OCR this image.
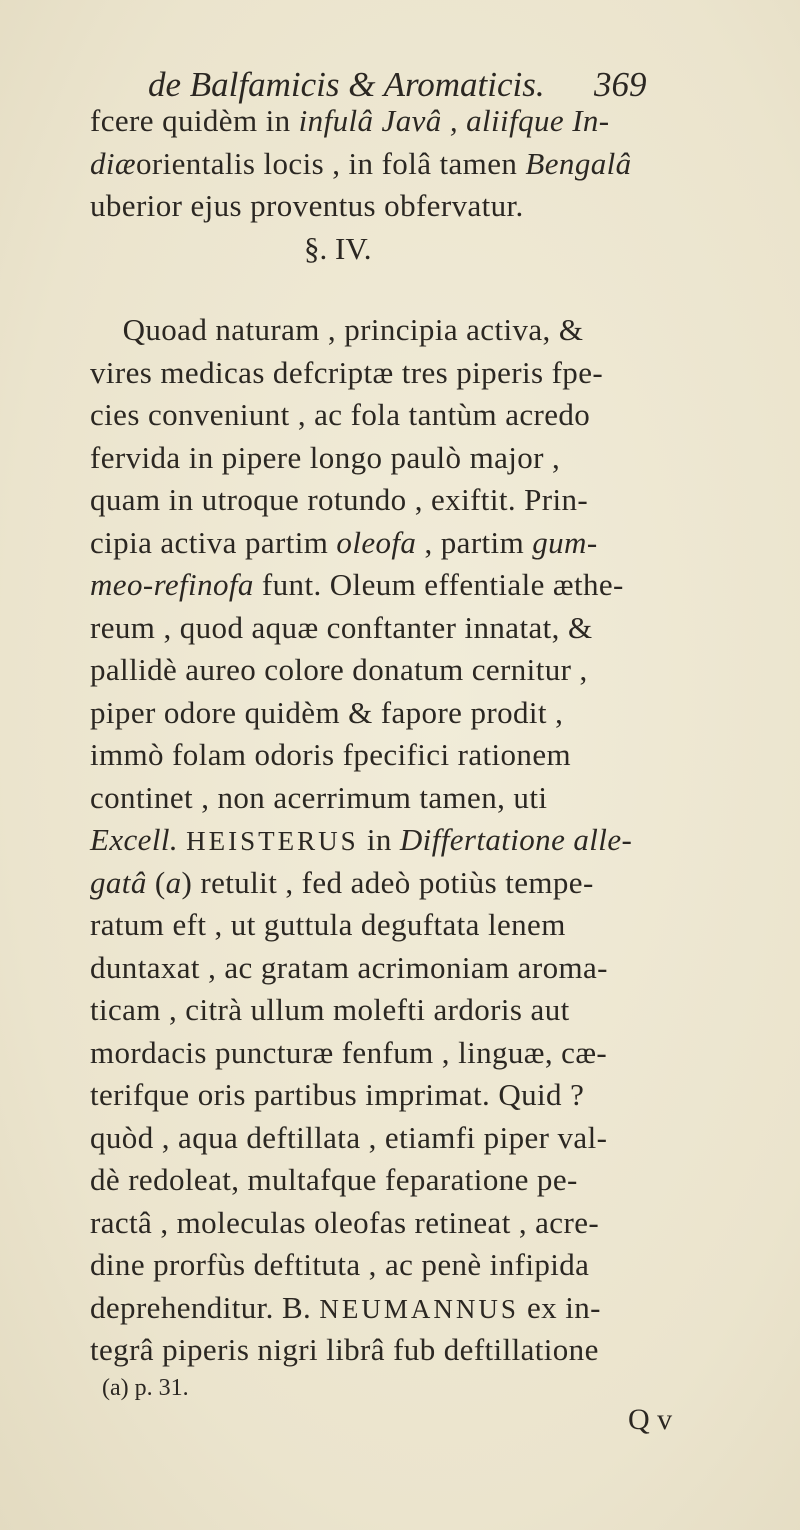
de Balfamicis & Aromaticis.	369
fcere quidèm in infulâ Javâ , aliifque In-
diæorientalis locis , in folâ tamen Bengalâ
uberior ejus proventus obfervatur.
§. IV.
Quoad naturam , principia activa, &
vires medicas defcriptæ tres piperis fpe-
cies conveniunt , ac fola tantùm acredo
fervida in pipere longo paulò major ,
quam in utroque rotundo , exiftit. Prin-
cipia activa partim oleofa , partim gum-
meo-refinofa funt. Oleum effentiale æthe-
reum , quod aquæ conftanter innatat, &
pallidè aureo colore donatum cernitur ,
piper odore quidèm & fapore prodit ,
immò folam odoris fpecifici rationem
continet , non acerrimum tamen, uti
Excell. HEISTERUS in Differtatione alle-
gatâ (a) retulit , fed adeò potiùs tempe-
ratum eft , ut guttula deguftata lenem
duntaxat , ac gratam acrimoniam aroma-
ticam , citrà ullum molefti ardoris aut
mordacis puncturæ fenfum , linguæ, cæ-
terifque oris partibus imprimat. Quid ?
quòd , aqua deftillata , etiamfi piper val-
dè redoleat, multafque feparatione pe-
ractâ , moleculas oleofas retineat , acre-
dine prorfùs deftituta , ac penè infipida
deprehenditur. B. NEUMANNUS ex in-
tegrâ piperis nigri librâ fub deftillatione
(a) p. 31.
Q v
